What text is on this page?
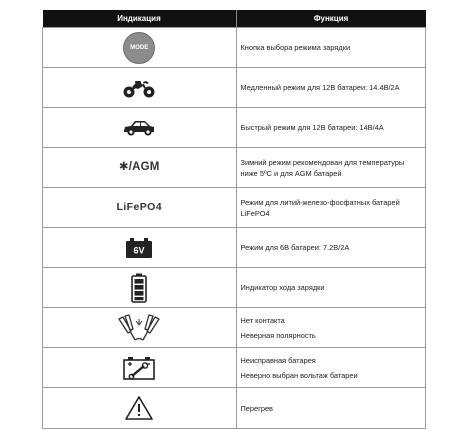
Индикация	Функция
MODE	Кнопка выбора режима зарядки
	Медленный режим для 12В батареи: 14.4В/2А
	Быстрый режим для 12В батареи: 14В/4А
✱/AGM	Зимний режим рекомендован для температуры ниже 5ºС и для AGM батарей
LiFePO4	Режим для литий-железо-фосфатных батарей LiFePO4

6V	Режим для 6В батареи: 7.2В/2А
	Индикатор хода зарядки
	Нет контакта
Неверная полярность

	Неисправная батарея
Неверно выбран вольтаж батареи

	Перегрев
